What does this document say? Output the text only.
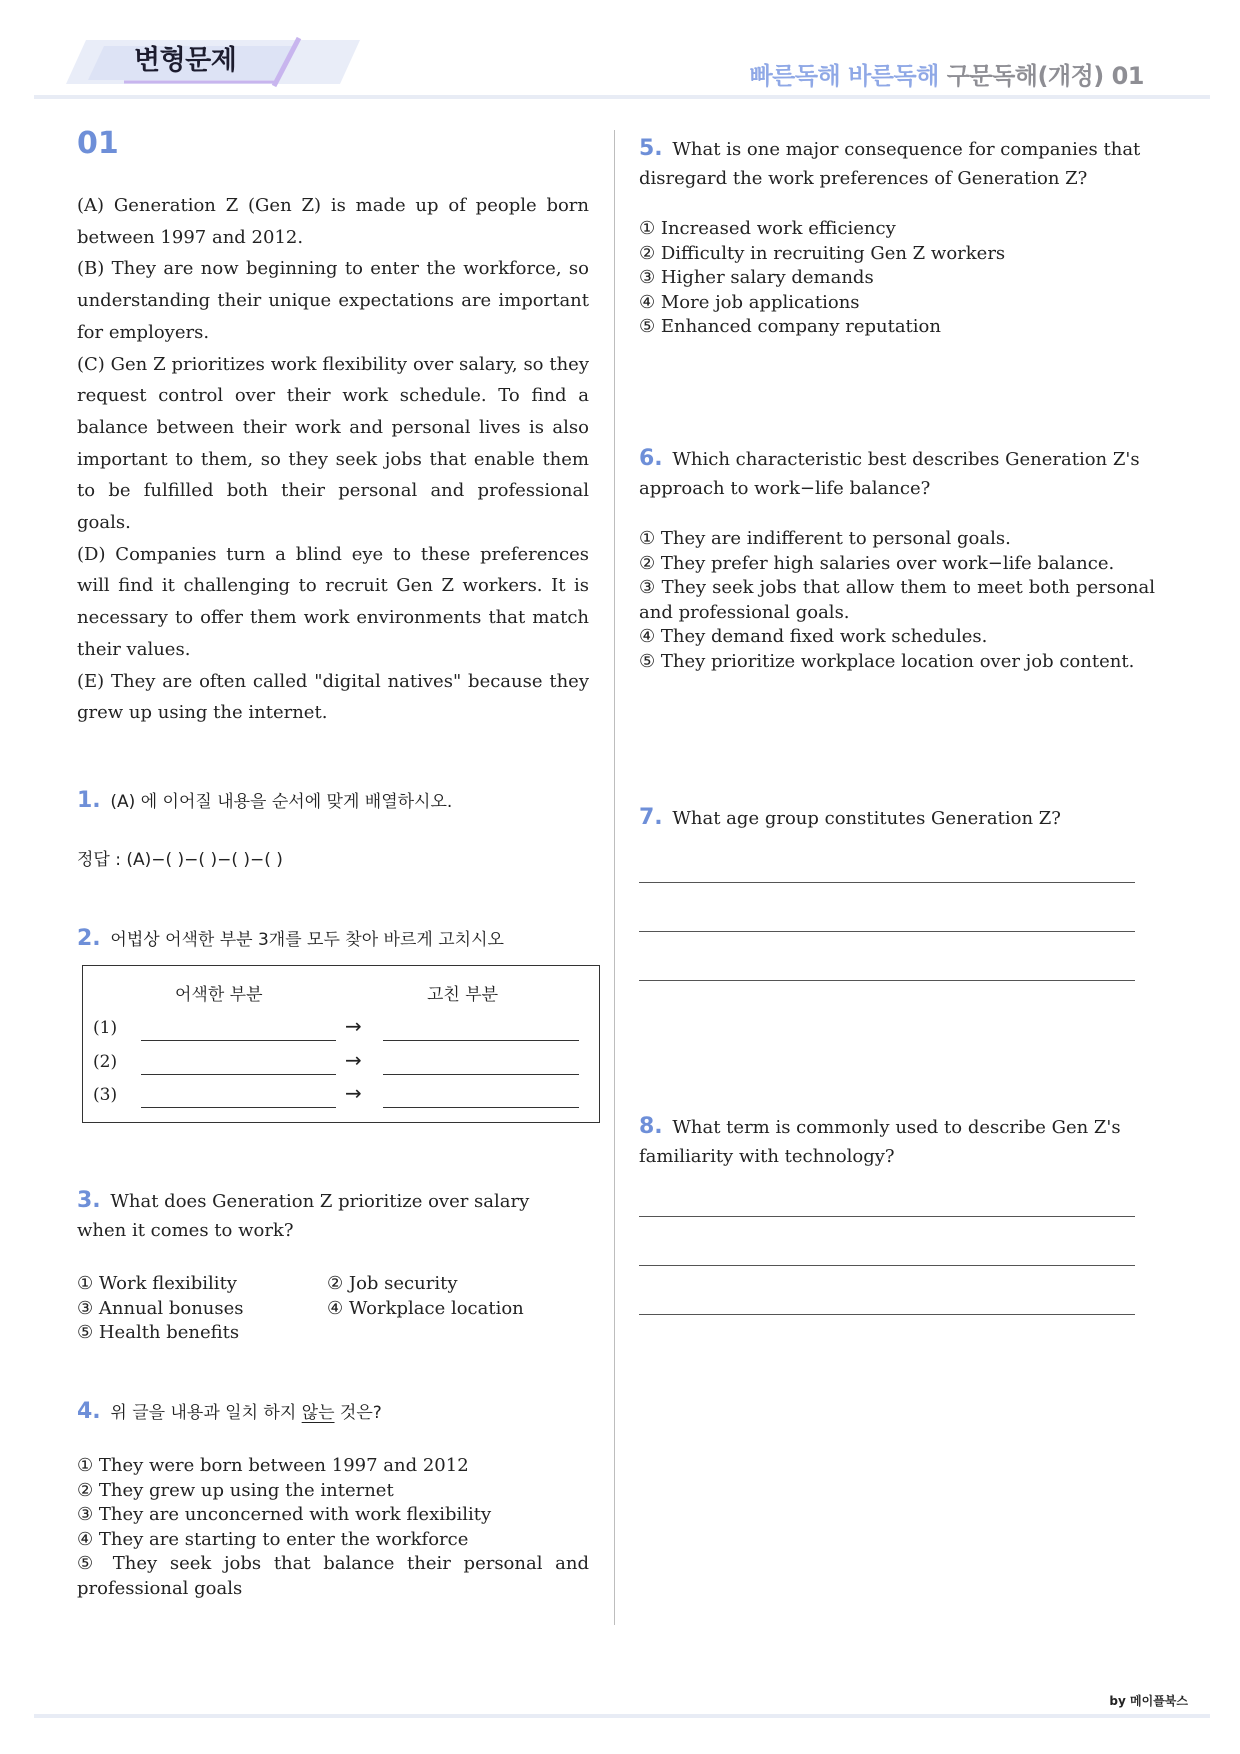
변형문제	빠른독해 바른독해 구문독해(개정) 01
01

(A) Generation Z (Gen Z) is made up of people born between 1997 and 2012.

(B) They are now beginning to enter the workforce, so understanding their unique expectations are important for employers.

(C) Gen Z prioritizes work flexibility over salary, so they request control over their work schedule. To find a balance between their work and personal lives is also important to them, so they seek jobs that enable them to be fulfilled both their personal and professional goals.

(D) Companies turn a blind eye to these preferences will find it challenging to recruit Gen Z workers. It is necessary to offer them work environments that match their values.

(E) They are often called "digital natives" because they grew up using the internet.

1. (A) 에 이어질 내용을 순서에 맞게 배열하시오.
정답 : (A)−( )−( )−( )−( )
2. 어법상 어색한 부분 3개를 모두 찾아 바르게 고치시오
어색한 부분	고친 부분
(1)	→
(2)	→
(3)	→
3. What does Generation Z prioritize over salary when it comes to work?
① Work flexibility	② Job security
③ Annual bonuses	④ Workplace location
⑤ Health benefits
4. 위 글을 내용과 일치 하지 않는 것은?
① They were born between 1997 and 2012
② They grew up using the internet
③ They are unconcerned with work flexibility
④ They are starting to enter the workforce
⑤ They seek jobs that balance their personal and professional goals
5. What is one major consequence for companies that disregard the work preferences of Generation Z?
① Increased work efficiency
② Difficulty in recruiting Gen Z workers
③ Higher salary demands
④ More job applications
⑤ Enhanced company reputation
6. Which characteristic best describes Generation Z's approach to work−life balance?
① They are indifferent to personal goals.
② They prefer high salaries over work−life balance.
③ They seek jobs that allow them to meet both personal and professional goals.
④ They demand fixed work schedules.
⑤ They prioritize workplace location over job content.
7. What age group constitutes Generation Z?
8. What term is commonly used to describe Gen Z's familiarity with technology?
by 메이플북스
